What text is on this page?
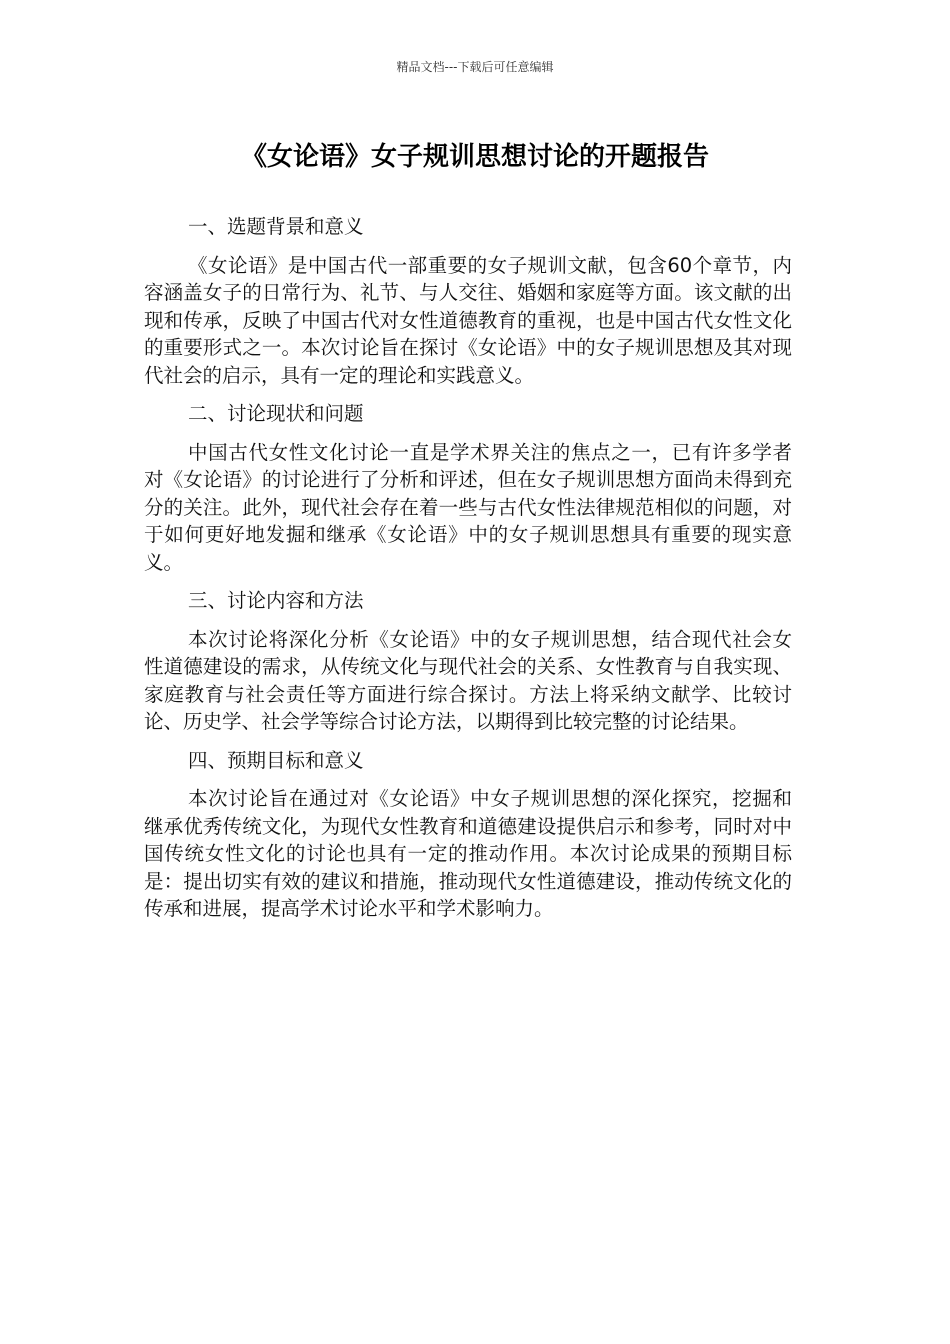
精品文档---下载后可任意编辑
《女论语》女子规训思想讨论的开题报告
一、选题背景和意义

《女论语》是中国古代一部重要的女子规训文献，包含60个章节，内容涵盖女子的日常行为、礼节、与人交往、婚姻和家庭等方面。该文献的出现和传承，反映了中国古代对女性道德教育的重视，也是中国古代女性文化的重要形式之一。本次讨论旨在探讨《女论语》中的女子规训思想及其对现代社会的启示，具有一定的理论和实践意义。

二、讨论现状和问题

中国古代女性文化讨论一直是学术界关注的焦点之一，已有许多学者对《女论语》的讨论进行了分析和评述，但在女子规训思想方面尚未得到充分的关注。此外，现代社会存在着一些与古代女性法律规范相似的问题，对于如何更好地发掘和继承《女论语》中的女子规训思想具有重要的现实意义。

三、讨论内容和方法

本次讨论将深化分析《女论语》中的女子规训思想，结合现代社会女性道德建设的需求，从传统文化与现代社会的关系、女性教育与自我实现、家庭教育与社会责任等方面进行综合探讨。方法上将采纳文献学、比较讨论、历史学、社会学等综合讨论方法，以期得到比较完整的讨论结果。

四、预期目标和意义

本次讨论旨在通过对《女论语》中女子规训思想的深化探究，挖掘和继承优秀传统文化，为现代女性教育和道德建设提供启示和参考，同时对中国传统女性文化的讨论也具有一定的推动作用。本次讨论成果的预期目标是：提出切实有效的建议和措施，推动现代女性道德建设，推动传统文化的传承和进展，提高学术讨论水平和学术影响力。
